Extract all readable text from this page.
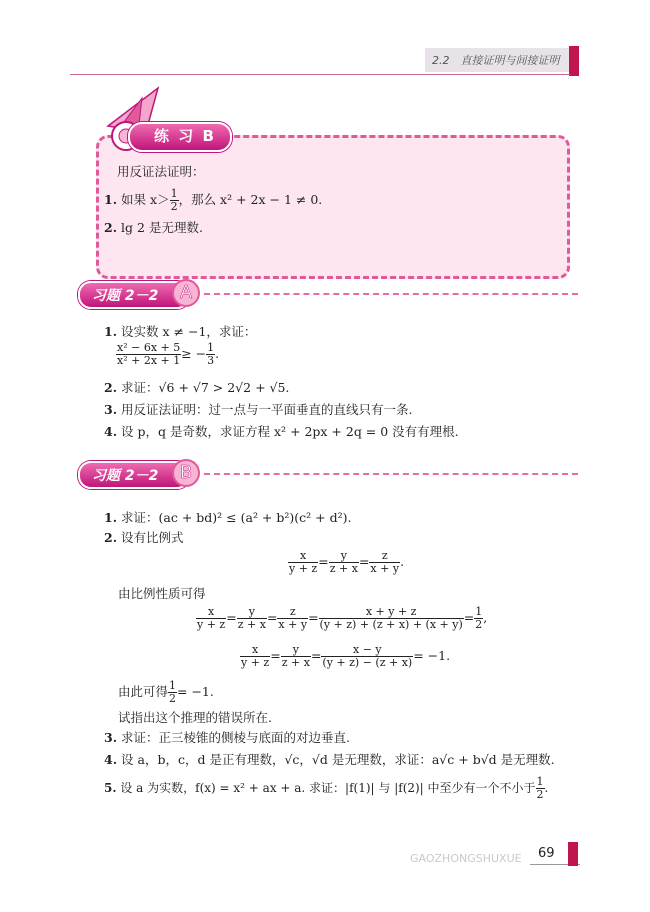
2.2　直接证明与间接证明
练 习 B
用反证法证明：
1. 如果 $x> \frac{1}{2}$ ，那么 x² + 2x − 1 ≠ 0.
2. lg 2 是无理数.
习题 2－2	A
1. 设实数 x ≠ −1，求证：
$\frac{\text{x² − 6x + 5}}{\text{x² + 2x + 1}}$ ≥ − $\frac{1}{3}$ .
2. 求证：√6 + √7 > 2√2 + √5.
3. 用反证法证明：过一点与一平面垂直的直线只有一条.
4. 设 p，q 是奇数，求证方程 x² + 2px + 2q = 0 没有有理根.
习题 2－2	B
1. 求证：(ac + bd)² ≤ (a² + b²)(c² + d²).
2. 设有比例式
$\frac{x}{y + z} = \frac{y}{z + x} = \frac{z}{x + y}$ .
由比例性质可得
$\frac{x}{y + z} = \frac{y}{z + x} = \frac{z}{x + y} = \frac{x + y + z}{(y + z) + (z + x) + (x + y)} = \frac{1}{2}$ ,
$\frac{x}{y + z} = \frac{y}{z + x} = \frac{x - y}{(y + z) - (z + x)} = -1$.
由此可得 $\frac{1}{2} = -1$.
试指出这个推理的错误所在.
3. 求证：正三棱锥的侧棱与底面的对边垂直.
4. 设 a，b，c，d 是正有理数，√c，√d 是无理数，求证：a√c + b√d 是无理数.
5. 设 a 为实数，f(x) = x² + ax + a. 求证：|f(1)| 与 |f(2)| 中至少有一个不小于 $\frac{1}{2}$ .
GAOZHONGSHUXUE 69
